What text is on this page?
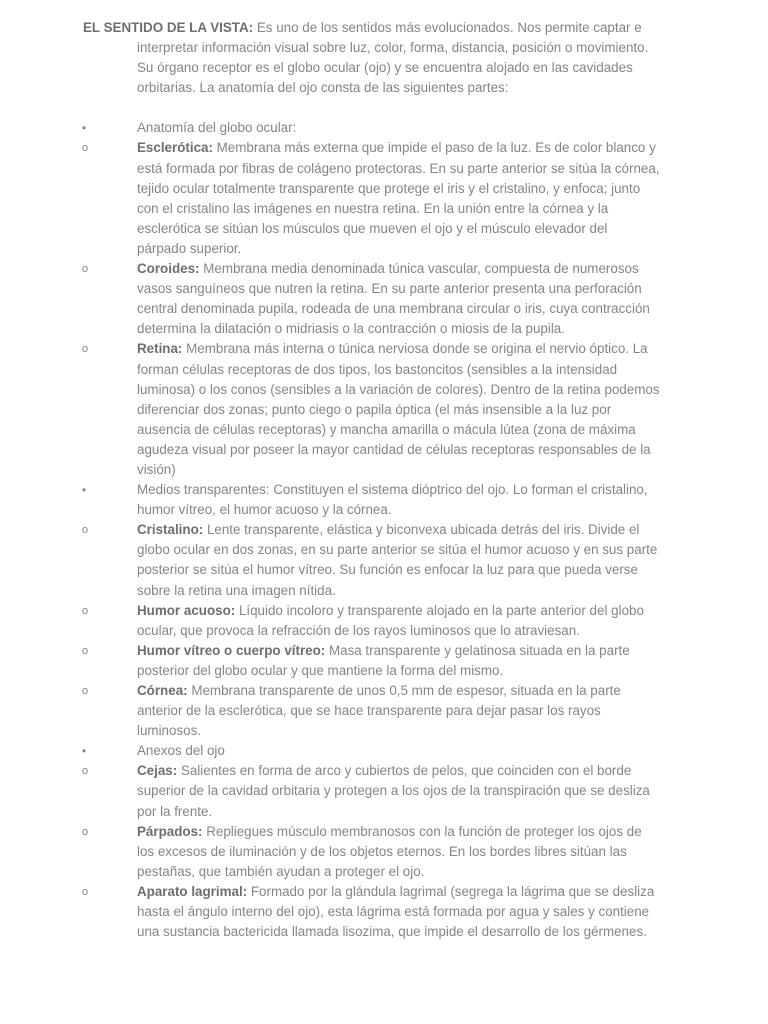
EL SENTIDO DE LA VISTA: Es uno de los sentidos más evolucionados. Nos permite captar e interpretar información visual sobre luz, color, forma, distancia, posición o movimiento. Su órgano receptor es el globo ocular (ojo) y se encuentra alojado en las cavidades orbitarias. La anatomía del ojo consta de las siguientes partes:

•	Anatomía del globo ocular:
o	Esclerótica: Membrana más externa que impide el paso de la luz. Es de color blanco y está formada por fibras de colágeno protectoras. En su parte anterior se sitúa la córnea, tejido ocular totalmente transparente que protege el iris y el cristalino, y enfoca; junto con el cristalino las imágenes en nuestra retina. En la unión entre la córnea y la esclerótica se sitúan los músculos que mueven el ojo y el músculo elevador del párpado superior.
o	Coroides: Membrana media denominada túnica vascular, compuesta de numerosos vasos sanguíneos que nutren la retina. En su parte anterior presenta una perforación central denominada pupila, rodeada de una membrana circular o iris, cuya contracción determina la dilatación o midriasis o la contracción o miosis de la pupila.
o	Retina: Membrana más interna o túnica nerviosa donde se origina el nervio óptico. La forman células receptoras de dos tipos, los bastoncitos (sensibles a la intensidad luminosa) o los conos (sensibles a la variación de colores). Dentro de la retina podemos diferenciar dos zonas; punto ciego o papila óptica (el más insensible a la luz por ausencia de células receptoras) y mancha amarilla o mácula lútea (zona de máxima agudeza visual por poseer la mayor cantidad de células receptoras responsables de la visión)
•	Medios transparentes: Constituyen el sistema dióptrico del ojo. Lo forman el cristalino, humor vítreo, el humor acuoso y la córnea.
o	Cristalino: Lente transparente, elástica y biconvexa ubicada detrás del iris. Divide el globo ocular en dos zonas, en su parte anterior se sitúa el humor acuoso y en sus parte posterior se sitúa el humor vítreo. Su función es enfocar la luz para que pueda verse sobre la retina una imagen nítida.
o	Humor acuoso: Líquido incoloro y transparente alojado en la parte anterior del globo ocular, que provoca la refracción de los rayos luminosos que lo atraviesan.
o	Humor vítreo o cuerpo vítreo: Masa transparente y gelatinosa situada en la parte posterior del globo ocular y que mantiene la forma del mismo.
o	Córnea: Membrana transparente de unos 0,5 mm de espesor, situada en la parte anterior de la esclerótica, que se hace transparente para dejar pasar los rayos luminosos.
•	Anexos del ojo
o	Cejas: Salientes en forma de arco y cubiertos de pelos, que coinciden con el borde superior de la cavidad orbitaria y protegen a los ojos de la transpiración que se desliza por la frente.
o	Párpados: Repliegues músculo membranosos con la función de proteger los ojos de los excesos de iluminación y de los objetos eternos. En los bordes libres sitúan las pestañas, que también ayudan a proteger el ojo.
o	Aparato lagrimal: Formado por la glándula lagrimal (segrega la lágrima que se desliza hasta el ángulo interno del ojo), esta lágrima está formada por agua y sales y contiene una sustancia bactericida llamada lisozima, que impide el desarrollo de los gérmenes.
